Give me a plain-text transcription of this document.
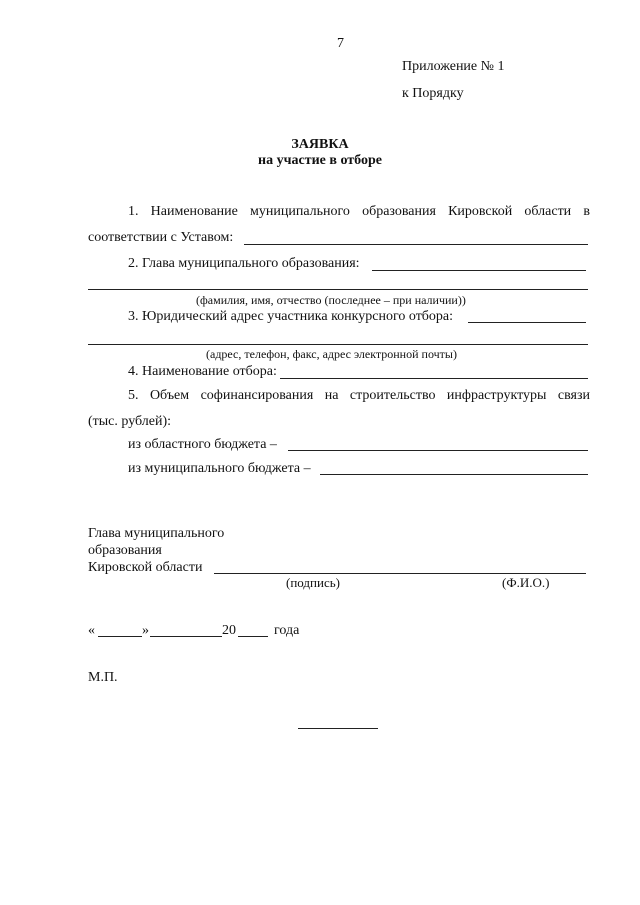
7
Приложение № 1
к Порядку
ЗАЯВКА
на участие в отборе
1. Наименование муниципального образования Кировской области в
соответствии с Уставом:
2. Глава муниципального образования:
(фамилия, имя, отчество (последнее – при наличии))
3. Юридический адрес участника конкурсного отбора:
(адрес, телефон, факс, адрес электронной почты)
4. Наименование отбора:
5. Объем софинансирования на строительство инфраструктуры связи
(тыс. рублей):
из областного бюджета –
из муниципального бюджета –
Глава муниципального
образования
Кировской области
(подпись)	(Ф.И.О.)
«	»	20	года
М.П.
